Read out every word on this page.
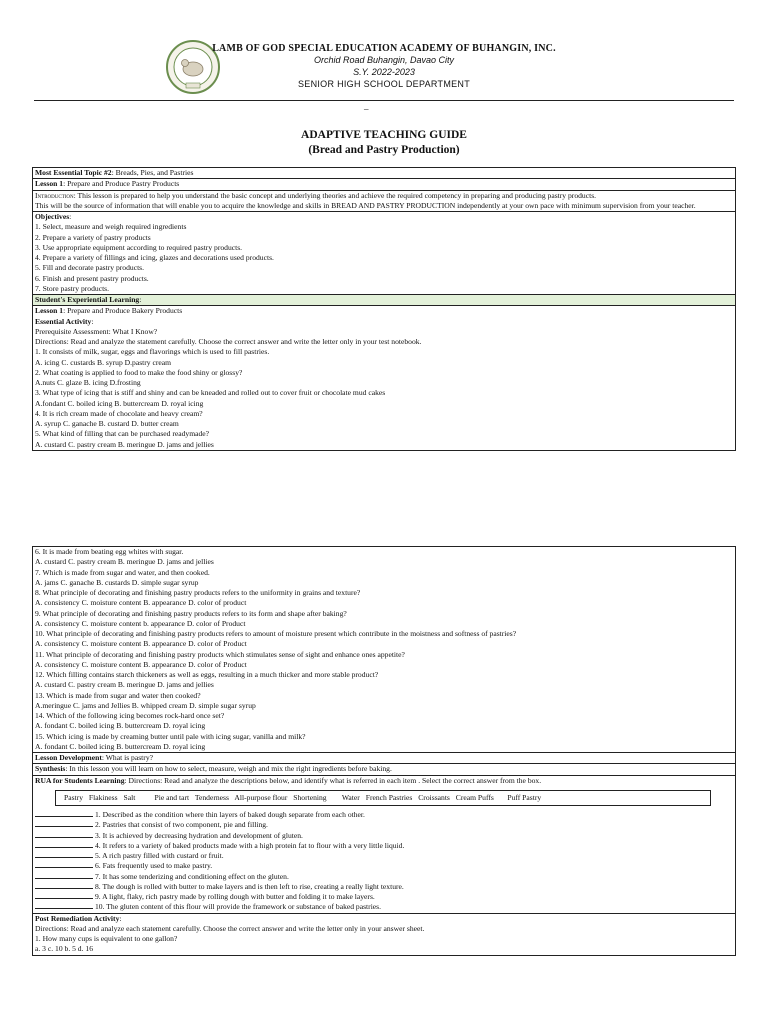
LAMB OF GOD SPECIAL EDUCATION ACADEMY OF BUHANGIN, INC.
Orchid Road Buhangin, Davao City
S.Y. 2022-2023
SENIOR HIGH SCHOOL DEPARTMENT
–
ADAPTIVE TEACHING GUIDE
(Bread and Pastry Production)
Most Essential Topic #2: Breads, Pies, and Pastries
Lesson 1: Prepare and Produce Pastry Products
Introduction: This lesson is prepared to help you understand the basic concept and underlying theories and achieve the required competency in preparing and producing pastry products.
This will be the source of information that will enable you to acquire the knowledge and skills in BREAD AND PASTRY PRODUCTION independently at your own pace with minimum supervision from your teacher.
Objectives:
1. Select, measure and weigh required ingredients
2. Prepare a variety of pastry products
3. Use appropriate equipment according to required pastry products.
4. Prepare a variety of fillings and icing, glazes and decorations used products.
5. Fill and decorate pastry products.
6. Finish and present pastry products.
7. Store pastry products.
Student's Experiential Learning:
Lesson 1: Prepare and Produce Bakery Products
Essential Activity:
Prerequisite Assessment: What I Know?
Directions: Read and analyze the statement carefully. Choose the correct answer and write the letter only in your test notebook.
1. It consists of milk, sugar, eggs and flavorings which is used to fill pastries.
A. icing C. custards B. syrup D.pastry cream
2. What coating is applied to food to make the food shiny or glossy?
A.nuts C. glaze B. icing D.frosting
3. What type of icing that is stiff and shiny and can be kneaded and rolled out to cover fruit or chocolate mud cakes
A.fondant C. boiled icing B. buttercream D. royal icing
4. It is rich cream made of chocolate and heavy cream?
A. syrup C. ganache B. custard D. butter cream
5. What kind of filling that can be purchased readymade?
A. custard C. pastry cream B. meringue D. jams and jellies
6. It is made from beating egg whites with sugar.
A. custard C. pastry cream B. meringue D. jams and jellies
7. Which is made from sugar and water, and then cooked.
A. jams C. ganache B. custards D. simple sugar syrup
8. What principle of decorating and finishing pastry products refers to the uniformity in grains and texture?
A. consistency C. moisture content B. appearance D. color of product
9. What principle of decorating and finishing pastry products refers to its form and shape after baking?
A. consistency C. moisture content b. appearance D. color of Product
10. What principle of decorating and finishing pastry products refers to amount of moisture present which contribute in the moistness and softness of pastries?
A. consistency C. moisture content B. appearance D. color of Product
11. What principle of decorating and finishing pastry products which stimulates sense of sight and enhance ones appetite?
A. consistency C. moisture content B. appearance D. color of Product
12. Which filling contains starch thickeners as well as eggs, resulting in a much thicker and more stable product?
A. custard C. pastry cream B. meringue D. jams and jellies
13. Which is made from sugar and water then cooked?
A.meringue C. jams and Jellies B. whipped cream D. simple sugar syrup
14. Which of the following icing becomes rock-hard once set?
A. fondant C. boiled icing B. buttercream D. royal icing
15. Which icing is made by creaming butter until pale with icing sugar, vanilla and milk?
A. fondant C. boiled icing B. buttercream D. royal icing
Lesson Development: What is pastry?
Synthesis: In this lesson you will learn on how to select, measure, weigh and mix the right ingredients before baking.
RUA for Students Learning: Directions: Read and analyze the descriptions below, and identify what is referred in each item . Select the correct answer from the box.
Pastry Flakiness Salt	Pie and tart Tenderness All-purpose flour Shortening Water French Pastries Croissants Cream Puffs Puff Pastry
1. Described as the condition where thin layers of baked dough separate from each other.
2. Pastries that consist of two component, pie and filling.
3. It is achieved by decreasing hydration and development of gluten.
4. It refers to a variety of baked products made with a high protein fat to flour with a very little liquid.
5. A rich pastry filled with custard or fruit.
6. Fats frequently used to make pastry.
7. It has some tenderizing and conditioning effect on the gluten.
8. The dough is rolled with butter to make layers and is then left to rise, creating a really light texture.
9. A light, flaky, rich pastry made by rolling dough with butter and folding it to make layers.
10. The gluten content of this flour will provide the framework or substance of baked pastries.
Post Remediation Activity:
Directions: Read and analyze each statement carefully. Choose the correct answer and write the letter only in your answer sheet.
1. How many cups is equivalent to one gallon?
a. 3 c. 10 b. 5 d. 16
